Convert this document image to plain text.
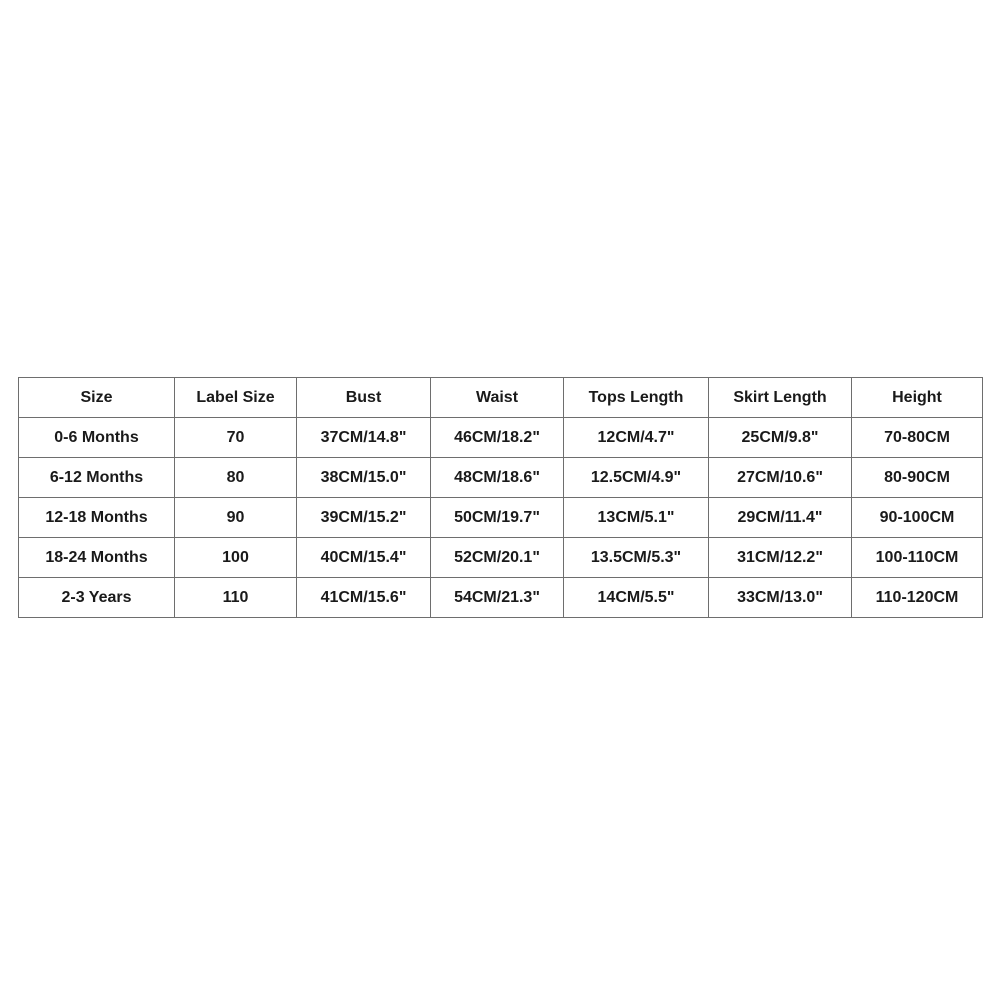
Size	Label Size	Bust	Waist	Tops Length	Skirt Length	Height
0-6 Months	70	37CM/14.8"	46CM/18.2"	12CM/4.7"	25CM/9.8"	70-80CM
6-12 Months	80	38CM/15.0"	48CM/18.6"	12.5CM/4.9"	27CM/10.6"	80-90CM
12-18 Months	90	39CM/15.2"	50CM/19.7"	13CM/5.1"	29CM/11.4"	90-100CM
18-24 Months	100	40CM/15.4"	52CM/20.1"	13.5CM/5.3"	31CM/12.2"	100-110CM
2-3 Years	110	41CM/15.6"	54CM/21.3"	14CM/5.5"	33CM/13.0"	110-120CM
